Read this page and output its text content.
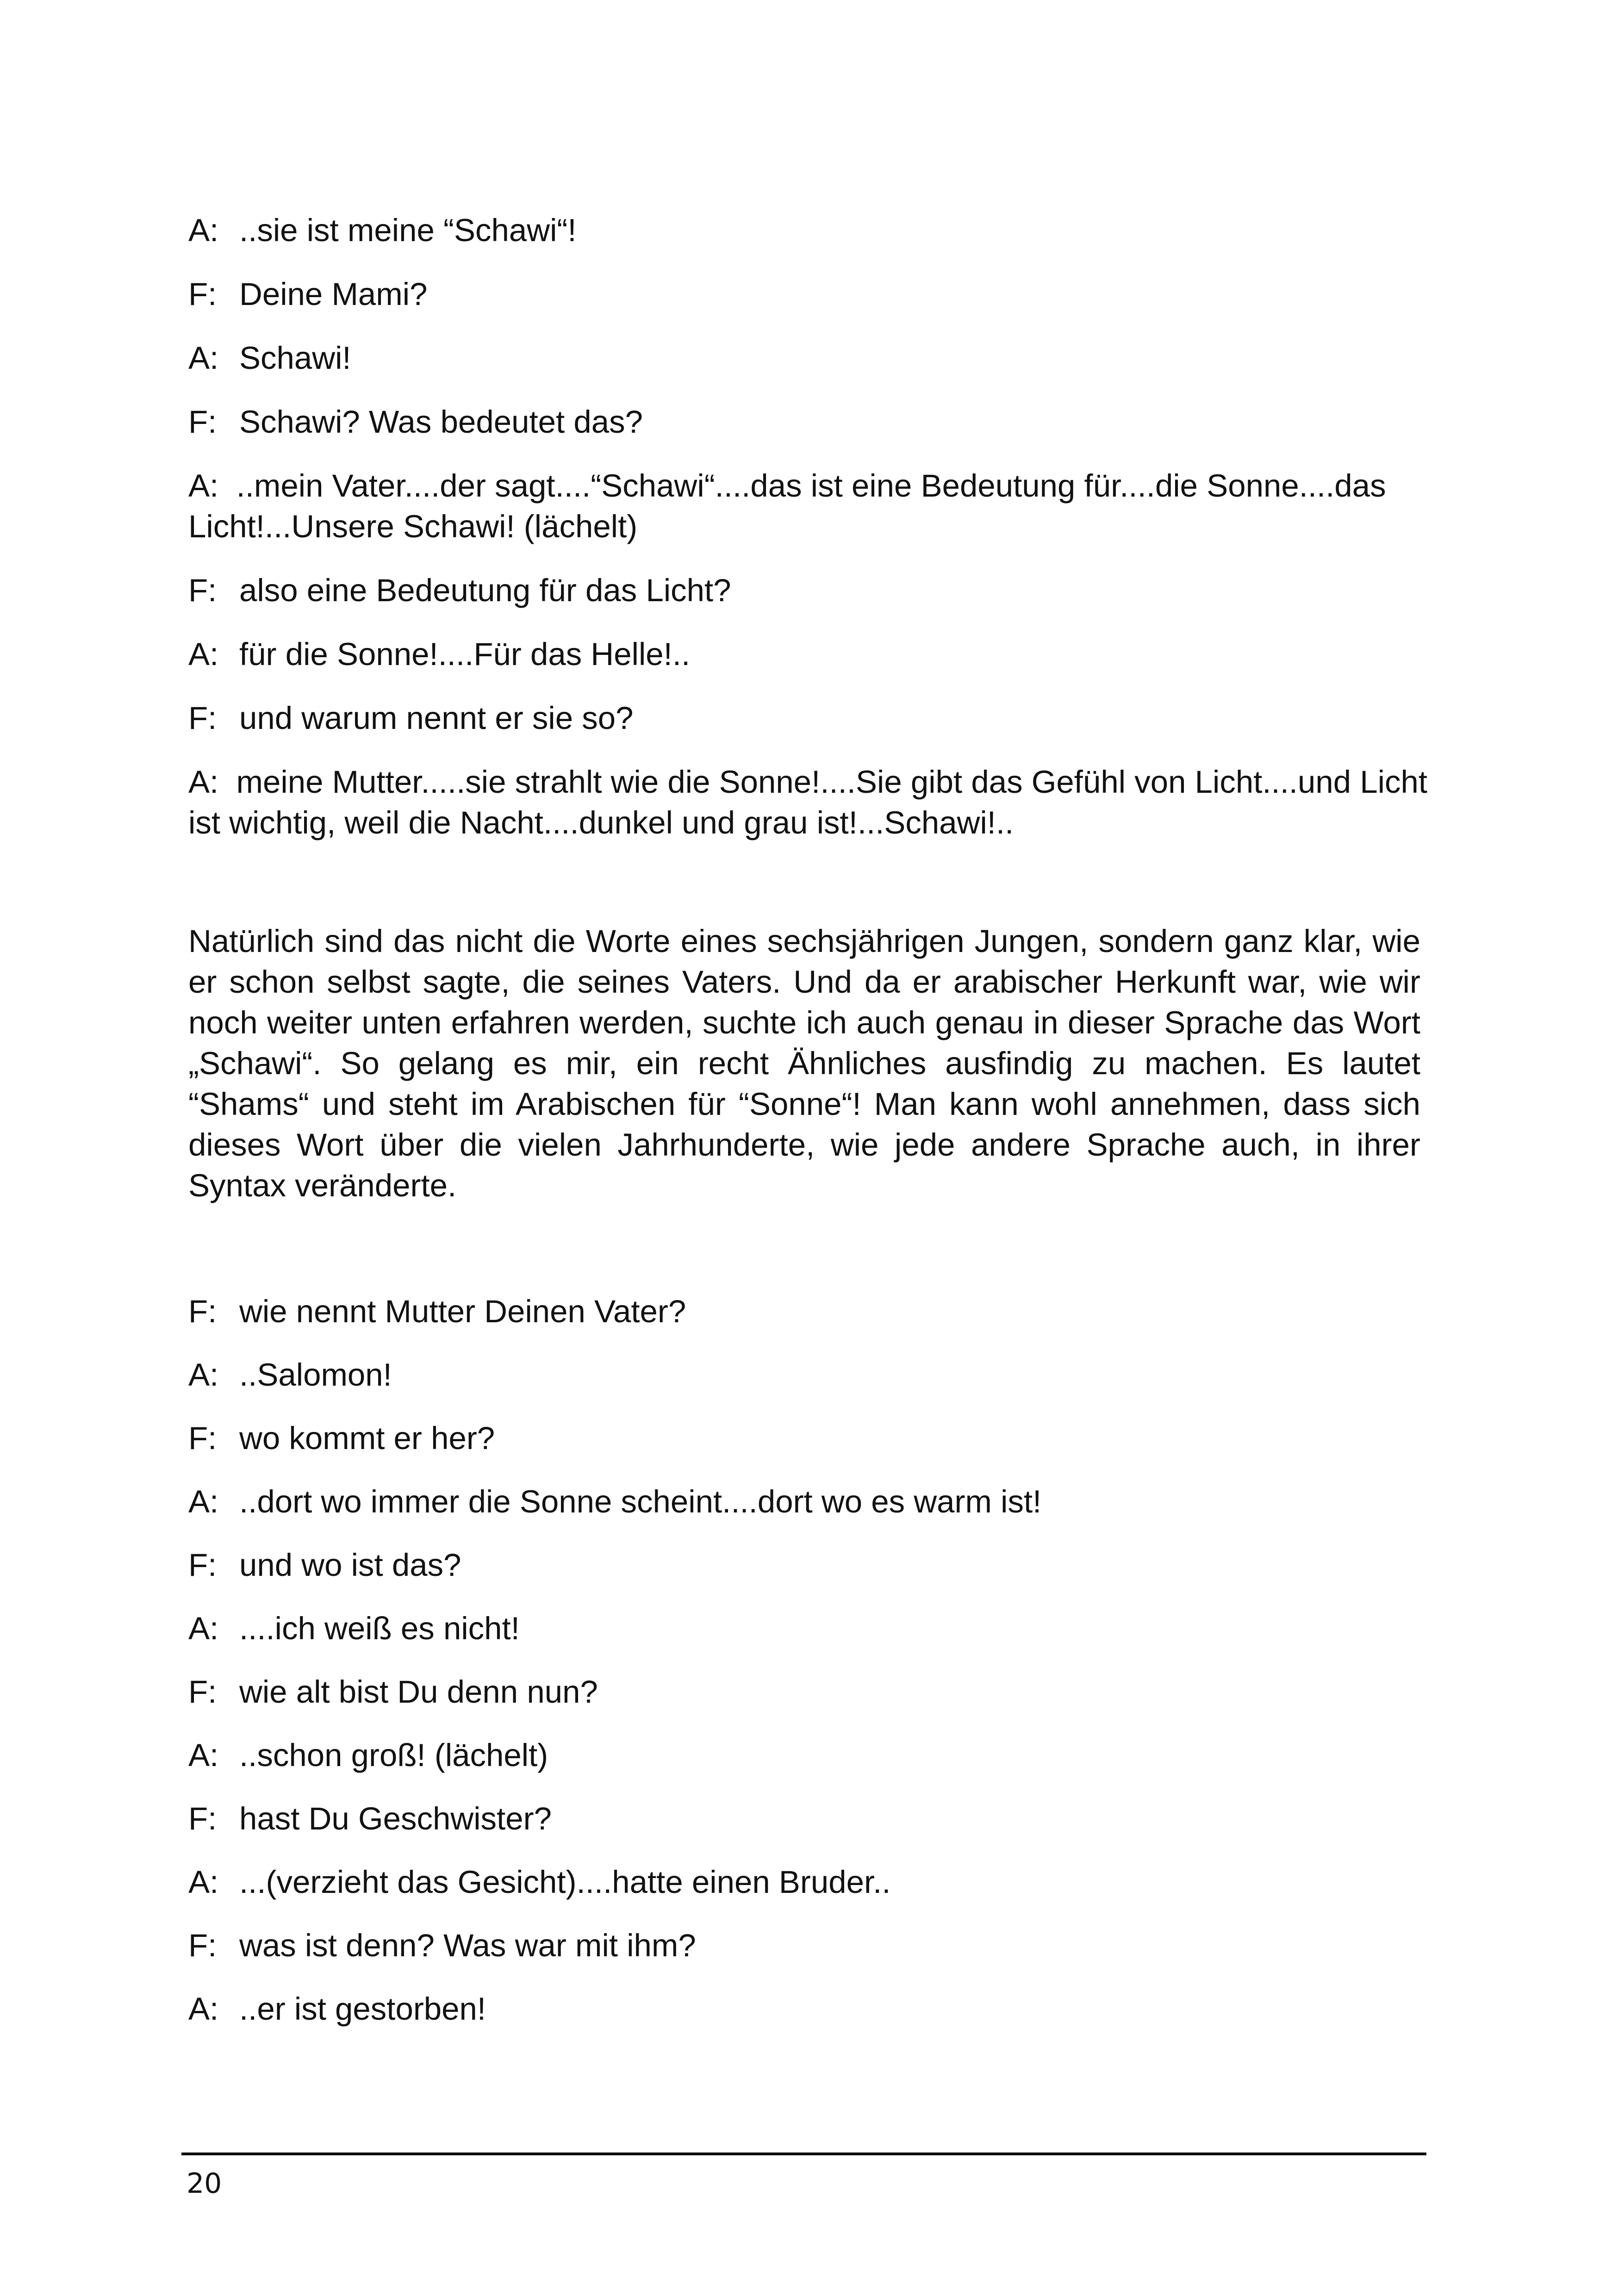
A: ..sie ist meine “Schawi“!

F: Deine Mami?

A: Schawi!

F: Schawi? Was bedeutet das?

A: ..mein Vater....der sagt....“Schawi“....das ist eine Bedeutung für....die Sonne....das Licht!...Unsere Schawi! (lächelt)

F: also eine Bedeutung für das Licht?

A: für die Sonne!....Für das Helle!..

F: und warum nennt er sie so?

A: meine Mutter.....sie strahlt wie die Sonne!....Sie gibt das Gefühl von Licht....und Licht ist wichtig, weil die Nacht....dunkel und grau ist!...Schawi!..

Natürlich sind das nicht die Worte eines sechsjährigen Jungen, sondern ganz klar, wie er schon selbst sagte, die seines Vaters. Und da er arabischer Herkunft war, wie wir noch weiter unten erfahren werden, suchte ich auch genau in dieser Sprache das Wort „Schawi“. So gelang es mir, ein recht Ähnliches ausfindig zu machen. Es lautet “Shams“ und steht im Arabischen für “Sonne“! Man kann wohl annehmen, dass sich dieses Wort über die vielen Jahrhunderte, wie jede andere Sprache auch, in ihrer Syntax veränderte.

F: wie nennt Mutter Deinen Vater?

A: ..Salomon!

F: wo kommt er her?

A: ..dort wo immer die Sonne scheint....dort wo es warm ist!

F: und wo ist das?

A: ....ich weiß es nicht!

F: wie alt bist Du denn nun?

A: ..schon groß! (lächelt)

F: hast Du Geschwister?

A: ...(verzieht das Gesicht)....hatte einen Bruder..

F: was ist denn? Was war mit ihm?

A: ..er ist gestorben!

20
